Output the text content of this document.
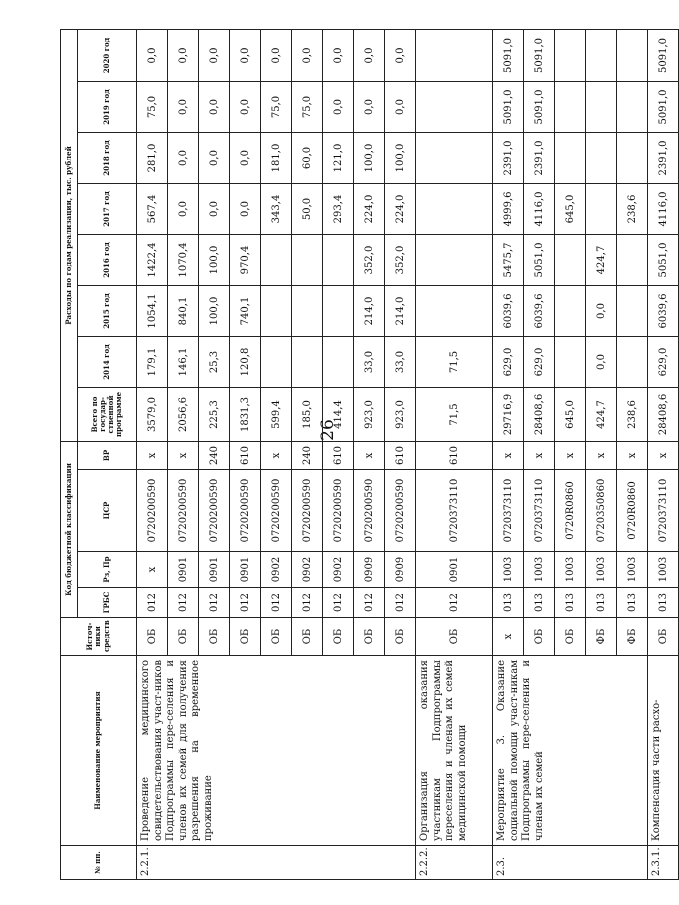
26
№ пп.	Наименование мероприятия	Источ-ники средств	Код бюджетной классификации				Расходы по годам реализации, тыс. рублей							
			ГРБС	Рз, Пр	ЦСР	ВР	Всего по государ-ственной программе	2014 год	2015 год	2016 год	2017 год	2018 год	2019 год	2020 год
2.2.1.	Проведение медицинского освидетельствования участ-ников Подпрограммы пере-селения и членов их семей для получения разрешения на временное проживание	ОБ	012	х	0720200590	х	3579,0	179,1	1054,1	1422,4	567,4	281,0	75,0	0,0
		ОБ	012	0901	0720200590	х	2056,6	146,1	840,1	1070,4	0,0	0,0	0,0	0,0
		ОБ	012	0901	0720200590	240	225,3	25,3	100,0	100,0	0,0	0,0	0,0	0,0
		ОБ	012	0901	0720200590	610	1831,3	120,8	740,1	970,4	0,0	0,0	0,0	0,0
		ОБ	012	0902	0720200590	х	599,4				343,4	181,0	75,0	0,0
		ОБ	012	0902	0720200590	240	185,0				50,0	60,0	75,0	0,0
		ОБ	012	0902	0720200590	610	414,4				293,4	121,0	0,0	0,0
		ОБ	012	0909	0720200590	х	923,0	33,0	214,0	352,0	224,0	100,0	0,0	0,0
		ОБ	012	0909	0720200590	610	923,0	33,0	214,0	352,0	224,0	100,0	0,0	0,0
2.2.2.	Организация оказания участникам Подпрограммы переселения и членам их семей медицинской помощи	ОБ	012	0901	0720373110	610	71,5	71,5						
2.3.	Мероприятие 3. Оказание социальной помощи участ-никам Подпрограммы пере-селения и членам их семей	х	013	1003	0720373110	х	29716,9	629,0	6039,6	5475,7	4999,6	2391,0	5091,0	5091,0
		ОБ	013	1003	0720373110	х	28408,6	629,0	6039,6	5051,0	4116,0	2391,0	5091,0	5091,0
		ОБ	013	1003	0720R0860	х	645,0				645,0			
		ФБ	013	1003	0720350860	х	424,7	0,0	0,0	424,7				
		ФБ	013	1003	0720R0860	х	238,6				238,6			
2.3.1.	Компенсация части расхо-	ОБ	013	1003	0720373110	х	28408,6	629,0	6039,6	5051,0	4116,0	2391,0	5091,0	5091,0
